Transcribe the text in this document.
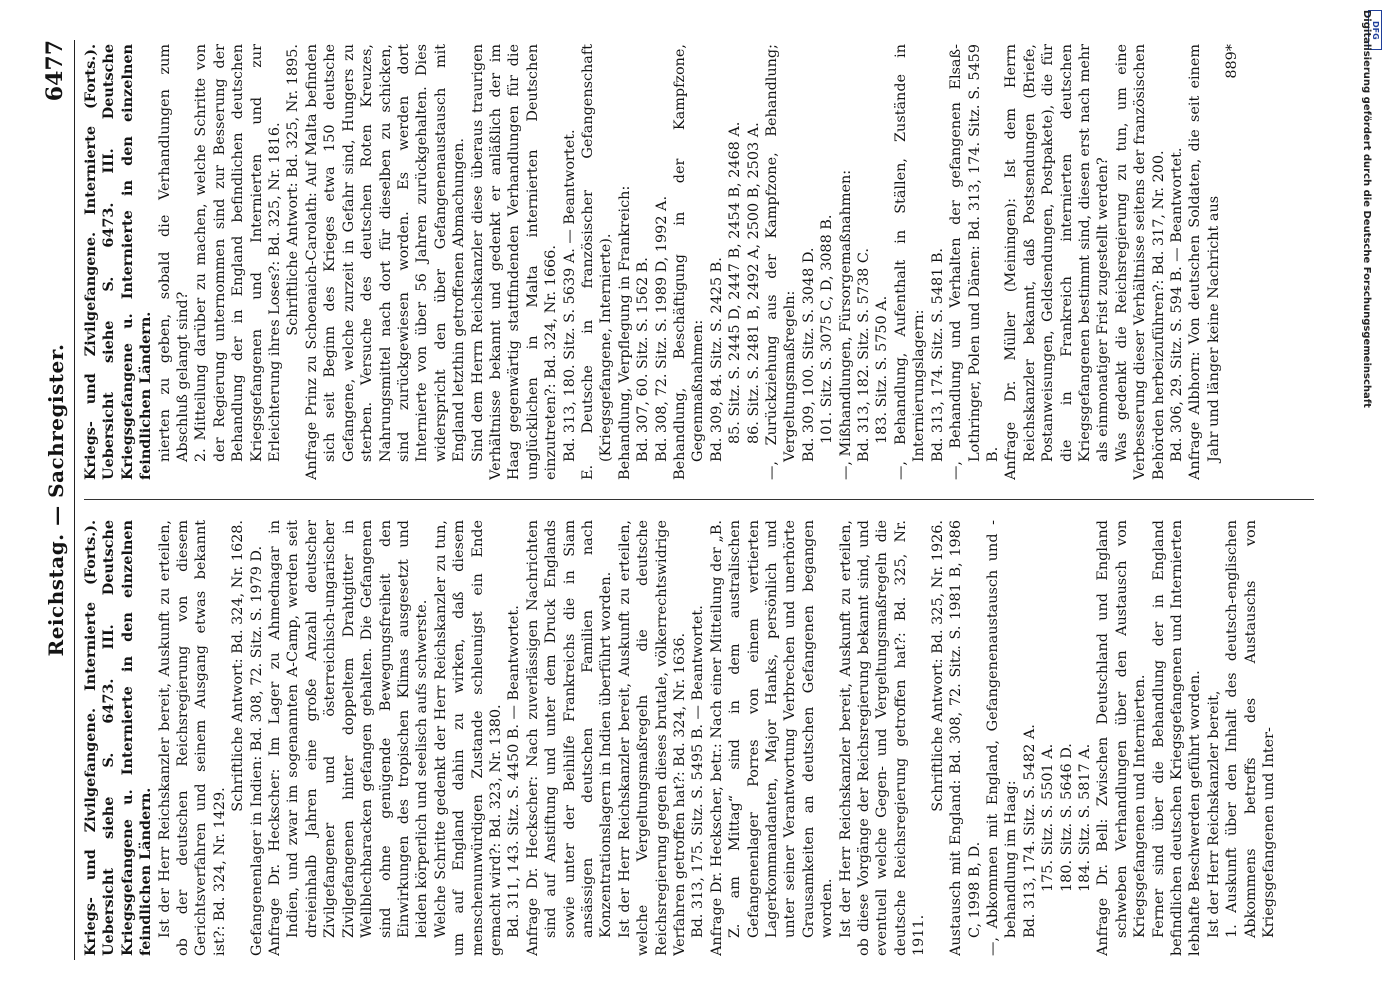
Reichstag. — Sachregister.
6477

Kriegs- und Zivilgefangene. Internierte (Forts.). Uebersicht siehe S. 6473. III. Deutsche Kriegsgefangene u. Internierte in den einzelnen feindlichen Ländern. Ist der Herr Reichskanzler bereit, Auskunft zu erteilen, ob der deutschen Reichsregierung von diesem Gerichtsverfahren und seinem Ausgang etwas bekannt ist?: Bd. 324, Nr. 1429.

Schriftliche Antwort: Bd. 324, Nr. 1628. Gefangenenlager in Indien: Bd. 308, 72. Sitz. S. 1979 D. Anfrage Dr. Heckscher: Im Lager zu Ahmednagar in Indien, und zwar im sogenannten A-Camp, werden seit dreieinhalb Jahren eine große Anzahl deutscher Zivilgefangener und österreichisch-ungarischer Zivilgefangenen hinter doppeltem Drahtgitter in Wellblechbaracken gefangen gehalten. Die Gefangenen sind ohne genügende Bewegungsfreiheit den Einwirkungen des tropischen Klimas ausgesetzt und leiden körperlich und seelisch aufs schwerste. Welche Schritte gedenkt der Herr Reichskanzler zu tun, um auf England dahin zu wirken, daß diesem menschenunwürdigen Zustande schleunigst ein Ende gemacht wird?: Bd. 323, Nr. 1380. Bd. 311, 143. Sitz. S. 4450 B. — Beantwortet. Anfrage Dr. Heckscher: Nach zuverlässigen Nachrichten sind auf Anstiftung und unter dem Druck Englands sowie unter der Beihilfe Frankreichs die in Siam ansässigen deutschen Familien nach Konzentrationslagern in Indien überführt worden. Ist der Herr Reichskanzler bereit, Auskunft zu erteilen, welche Vergeltungsmaßregeln die deutsche Reichsregierung gegen dieses brutale, völkerrechtswidrige Verfahren getroffen hat?: Bd. 324, Nr. 1636. Bd. 313, 175. Sitz. S. 5495 B. — Beantwortet. Anfrage Dr. Heckscher, betr.: Nach einer Mitteilung der „B. Z. am Mittag“ sind in dem australischen Gefangenenlager Porres von einem vertierten Lagerkommandanten, Major Hanks, persönlich und unter seiner Verantwortung Verbrechen und unerhörte Grausamkeiten an deutschen Gefangenen begangen worden. Ist der Herr Reichskanzler bereit, Auskunft zu erteilen, ob diese Vorgänge der Reichsregierung bekannt sind, und eventuell welche Gegen- und Vergeltungsmaßregeln die deutsche Reichsregierung getroffen hat?: Bd. 325, Nr. 1911.

Schriftliche Antwort: Bd. 325, Nr. 1926. Austausch mit England: Bd. 308, 72. Sitz. S. 1981 B, 1986 C, 1998 B, D. —, Abkommen mit England, Gefangenenaustausch und -behandlung im Haag: Bd. 313, 174. Sitz. S. 5482 A. 175. Sitz. S. 5501 A. 180. Sitz. S. 5646 D. 184. Sitz. S. 5817 A. Anfrage Dr. Bell: Zwischen Deutschland und England schweben Verhandlungen über den Austausch von Kriegsgefangenen und Internierten. Ferner sind über die Behandlung der in England befindlichen deutschen Kriegsgefangenen und Internierten lebhafte Beschwerden geführt worden. Ist der Herr Reichskanzler bereit, 1. Auskunft über den Inhalt des deutsch-englischen Abkommens betreffs des Austauschs von Kriegsgefangenen und Inter-

Kriegs- und Zivilgefangene. Internierte (Forts.). Uebersicht siehe S. 6473. III. Deutsche Kriegsgefangene u. Internierte in den einzelnen feindlichen Ländern. nierten zu geben, sobald die Verhandlungen zum Abschluß gelangt sind? 2. Mitteilung darüber zu machen, welche Schritte von der Regierung unternommen sind zur Besserung der Behandlung der in England befindlichen deutschen Kriegsgefangenen und Internierten und zur Erleichterung ihres Loses?: Bd. 325, Nr. 1816. Schriftliche Antwort: Bd. 325, Nr. 1895. Anfrage Prinz zu Schoenaich-Carolath: Auf Malta befinden sich seit Beginn des Krieges etwa 150 deutsche Gefangene, welche zurzeit in Gefahr sind, Hungers zu sterben. Versuche des deutschen Roten Kreuzes, Nahrungsmittel nach dort für dieselben zu schicken, sind zurückgewiesen worden. Es werden dort Internierte von über 56 Jahren zurückgehalten. Dies widerspricht den über Gefangenenaustausch mit England letzthin getroffenen Abmachungen. Sind dem Herrn Reichskanzler diese überaus traurigen Verhältnisse bekannt und gedenkt er anläßlich der im Haag gegenwärtig stattfindenden Verhandlungen für die unglücklichen in Malta internierten Deutschen einzutreten?: Bd. 324, Nr. 1666. Bd. 313, 180. Sitz. S. 5639 A. — Beantwortet. E. Deutsche in französischer Gefangenschaft (Kriegsgefangene, Internierte). Behandlung, Verpflegung in Frankreich: Bd. 307, 60. Sitz. S. 1562 B. Bd. 308, 72. Sitz. S. 1989 D, 1992 A. Behandlung, Beschäftigung in der Kampfzone, Gegenmaßnahmen: Bd. 309, 84. Sitz. S. 2425 B. 85. Sitz. S. 2445 D, 2447 B, 2454 B, 2468 A. 86. Sitz. S. 2481 B, 2492 A, 2500 B, 2503 A. —, Zurückziehung aus der Kampfzone, Behandlung; Vergeltungsmaßregeln: Bd. 309, 100. Sitz. S. 3048 D. 101. Sitz. S. 3075 C, D, 3088 B. —, Mißhandlungen, Fürsorgemaßnahmen: Bd. 313, 182. Sitz. S. 5738 C. 183. Sitz. S. 5750 A. —, Behandlung, Aufenthalt in Ställen, Zustände in Internierungslagern: Bd. 313, 174. Sitz. S. 5481 B. —, Behandlung und Verhalten der gefangenen Elsaß-Lothringer, Polen und Dänen: Bd. 313, 174. Sitz. S. 5459 B. Anfrage Dr. Müller (Meiningen): Ist dem Herrn Reichskanzler bekannt, daß Postsendungen (Briefe, Postanweisungen, Geldsendungen, Postpakete), die für die in Frankreich internierten deutschen Kriegsgefangenen bestimmt sind, diesen erst nach mehr als einmonatiger Frist zugestellt werden? Was gedenkt die Reichsregierung zu tun, um eine Verbesserung dieser Verhältnisse seitens der französischen Behörden herbeizuführen?: Bd. 317, Nr. 200. Bd. 306, 29. Sitz. S. 594 B. — Beantwortet. Anfrage Albhorn: Von deutschen Soldaten, die seit einem Jahr und länger keine Nachricht aus

889*

DFG
Digitalisierung gefördert durch die Deutsche Forschungsgemeinschaft
